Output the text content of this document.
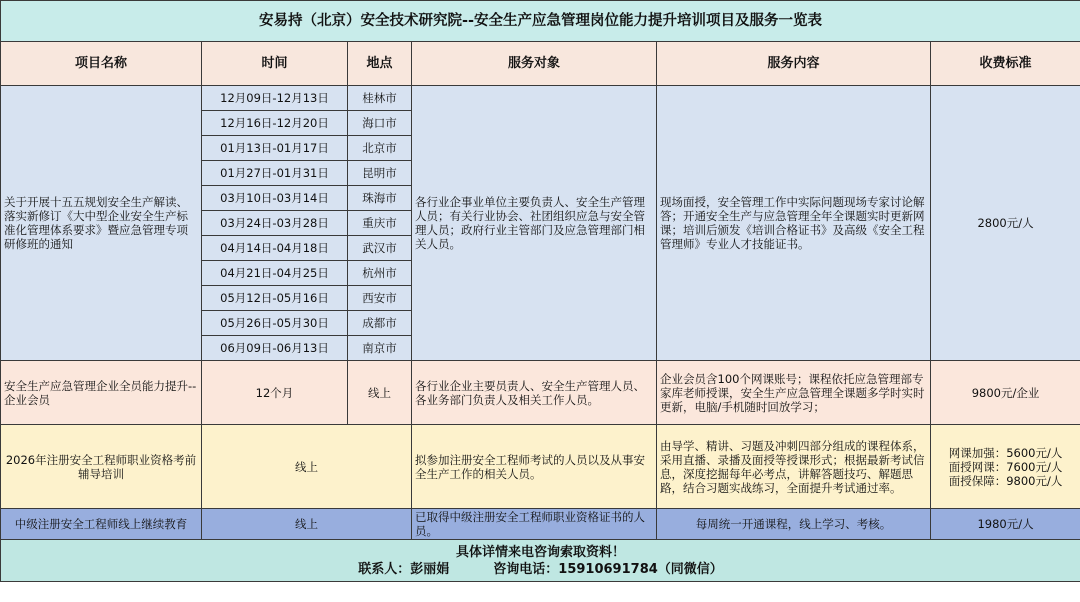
安易持（北京）安全技术研究院--安全生产应急管理岗位能力提升培训项目及服务一览表					
项目名称	时间	地点	服务对象	服务内容	收费标准
关于开展十五五规划安全生产解读、落实新修订《大中型企业安全生产标准化管理体系要求》暨应急管理专项研修班的通知	12月09日-12月13日	桂林市	各行业企事业单位主要负责人、安全生产管理人员；有关行业协会、社团组织应急与安全管理人员；政府行业主管部门及应急管理部门相关人员。	现场面授，安全管理工作中实际问题现场专家讨论解答；开通安全生产与应急管理全年全课题实时更新网课；培训后颁发《培训合格证书》及高级《安全工程管理师》专业人才技能证书。	2800元/人
	12月16日-12月20日	海口市			
	01月13日-01月17日	北京市			
	01月27日-01月31日	昆明市			
	03月10日-03月14日	珠海市			
	03月24日-03月28日	重庆市			
	04月14日-04月18日	武汉市			
	04月21日-04月25日	杭州市			
	05月12日-05月16日	西安市			
	05月26日-05月30日	成都市			
	06月09日-06月13日	南京市			
安全生产应急管理企业全员能力提升--企业会员	12个月	线上	各行业企业主要员责人、安全生产管理人员、各业务部门负责人及相关工作人员。	企业会员含100个网课账号；课程依托应急管理部专家库老师授课，安全生产应急管理全课题多学时实时更新，电脑/手机随时回放学习；	9800元/企业
2026年注册安全工程师职业资格考前辅导培训	线上		拟参加注册安全工程师考试的人员以及从事安全生产工作的相关人员。	由导学、精讲、习题及冲刺四部分组成的课程体系，采用直播、录播及面授等授课形式；根据最新考试信息，深度挖掘每年必考点，讲解答题技巧、解题思路，结合习题实战练习，全面提升考试通过率。	网课加强：5600元/人
面授网课：7600元/人
面授保障：9800元/人

中级注册安全工程师线上继续教育	线上		已取得中级注册安全工程师职业资格证书的人员。	每周统一开通课程，线上学习、考核。	1980元/人

具体详情来电咨询索取资料！
联系人：彭丽娟 咨询电话：15910691784（同微信）					
